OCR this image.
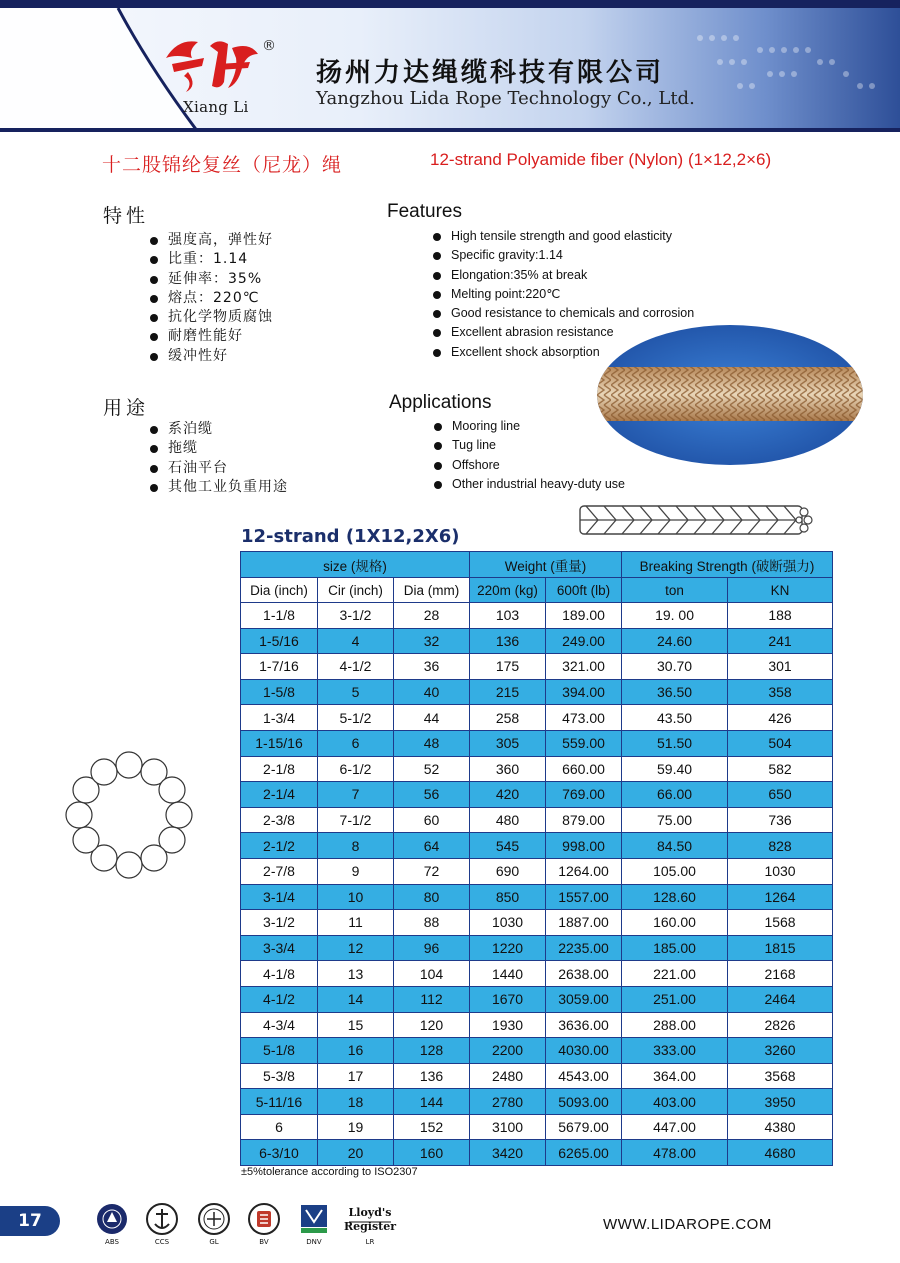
®
Xiang Li
扬州力达绳缆科技有限公司
Yangzhou Lida Rope Technology Co., Ltd.
十二股锦纶复丝（尼龙）绳	12-strand Polyamide fiber (Nylon) (1×12,2×6)
特性	Features
强度高，弹性好
比重：1.14
延伸率：35%
熔点：220℃
抗化学物质腐蚀
耐磨性能好
缓冲性好
High tensile strength and good elasticity
Specific gravity:1.14
Elongation:35% at break
Melting point:220℃
Good resistance to chemicals and corrosion
Excellent abrasion resistance
Excellent shock absorption
用途	Applications
系泊缆
拖缆
石油平台
其他工业负重用途
Mooring line
Tug line
Offshore
Other industrial heavy-duty use
12-strand (1X12,2X6)
size (规格)			Weight (重量)		Breaking Strength (破断强力)	
Dia (inch)	Cir (inch)	Dia (mm)	220m (kg)	600ft (lb)	ton	KN
1-1/8	3-1/2	28	103	189.00	19. 00	188
1-5/16	4	32	136	249.00	24.60	241
1-7/16	4-1/2	36	175	321.00	30.70	301
1-5/8	5	40	215	394.00	36.50	358
1-3/4	5-1/2	44	258	473.00	43.50	426
1-15/16	6	48	305	559.00	51.50	504
2-1/8	6-1/2	52	360	660.00	59.40	582
2-1/4	7	56	420	769.00	66.00	650
2-3/8	7-1/2	60	480	879.00	75.00	736
2-1/2	8	64	545	998.00	84.50	828
2-7/8	9	72	690	1264.00	105.00	1030
3-1/4	10	80	850	1557.00	128.60	1264
3-1/2	11	88	1030	1887.00	160.00	1568
3-3/4	12	96	1220	2235.00	185.00	1815
4-1/8	13	104	1440	2638.00	221.00	2168
4-1/2	14	112	1670	3059.00	251.00	2464
4-3/4	15	120	1930	3636.00	288.00	2826
5-1/8	16	128	2200	4030.00	333.00	3260
5-3/8	17	136	2480	4543.00	364.00	3568
5-11/16	18	144	2780	5093.00	403.00	3950
6	19	152	3100	5679.00	447.00	4380
6-3/10	20	160	3420	6265.00	478.00	4680
±5%tolerance according to ISO2307
17
ABS	CCS	GL	BV	DNV
Lloyd's Register
LR
WWW.LIDAROPE.COM
